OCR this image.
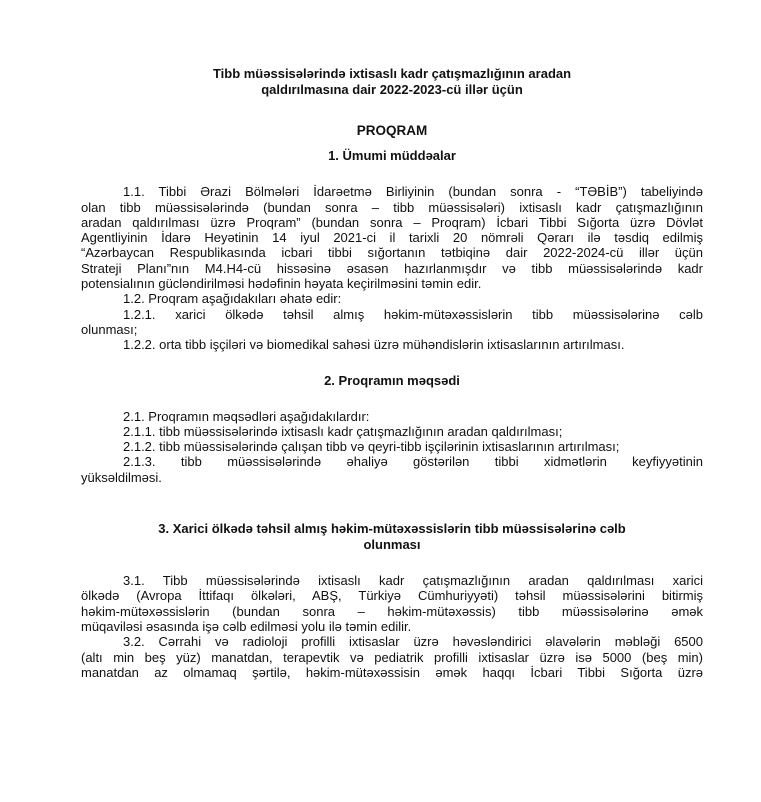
Tibb müəssisələrində ixtisaslı kadr çatışmazlığının aradan

qaldırılmasına dair 2022-2023-cü illər üçün

PROQRAM

1. Ümumi müddəalar

1.1. Tibbi Ərazi Bölmələri İdarəetmə Birliyinin (bundan sonra - “TƏBİB”) tabeliyində
olan tibb müəssisələrində (bundan sonra – tibb müəssisələri) ixtisaslı kadr çatışmazlığının
aradan qaldırılması üzrə Proqram” (bundan sonra – Proqram) İcbari Tibbi Sığorta üzrə Dövlət
Agentliyinin İdarə Heyətinin 14 iyul 2021-ci il tarixli 20 nömrəli Qərarı ilə təsdiq edilmiş
“Azərbaycan Respublikasında icbari tibbi sığortanın tətbiqinə dair 2022-2024-cü illər üçün
Strateji Planı”nın M4.H4-cü hissəsinə əsasən hazırlanmışdır və tibb müəssisələrində kadr
potensialının gücləndirilməsi hədəfinin həyata keçirilməsini təmin edir.
1.2. Proqram aşağıdakıları əhatə edir:
1.2.1. xarici ölkədə təhsil almış həkim-mütəxəssislərin tibb müəssisələrinə cəlb
olunması;
1.2.2. orta tibb işçiləri və biomedikal sahəsi üzrə mühəndislərin ixtisaslarının artırılması.

2. Proqramın məqsədi

2.1. Proqramın məqsədləri aşağıdakılardır:
2.1.1. tibb müəssisələrində ixtisaslı kadr çatışmazlığının aradan qaldırılması;
2.1.2. tibb müəssisələrində çalışan tibb və qeyri-tibb işçilərinin ixtisaslarının artırılması;
2.1.3. tibb müəssisələrində əhaliyə göstərilən tibbi xidmətlərin keyfiyyətinin
yüksəldilməsi.

3. Xarici ölkədə təhsil almış həkim-mütəxəssislərin tibb müəssisələrinə cəlb

olunması

3.1. Tibb müəssisələrində ixtisaslı kadr çatışmazlığının aradan qaldırılması xarici
ölkədə (Avropa İttifaqı ölkələri, ABŞ, Türkiyə Cümhuriyyəti) təhsil müəssisələrini bitirmiş
həkim-mütəxəssislərin (bundan sonra – həkim-mütəxəssis) tibb müəssisələrinə əmək
müqaviləsi əsasında işə cəlb edilməsi yolu ilə təmin edilir.
3.2. Cərrahi və radioloji profilli ixtisaslar üzrə həvəsləndirici əlavələrin məbləği 6500
(altı min beş yüz) manatdan, terapevtik və pediatrik profilli ixtisaslar üzrə isə 5000 (beş min)
manatdan az olmamaq şərtilə, həkim-mütəxəssisin əmək haqqı İcbari Tibbi Sığorta üzrə
